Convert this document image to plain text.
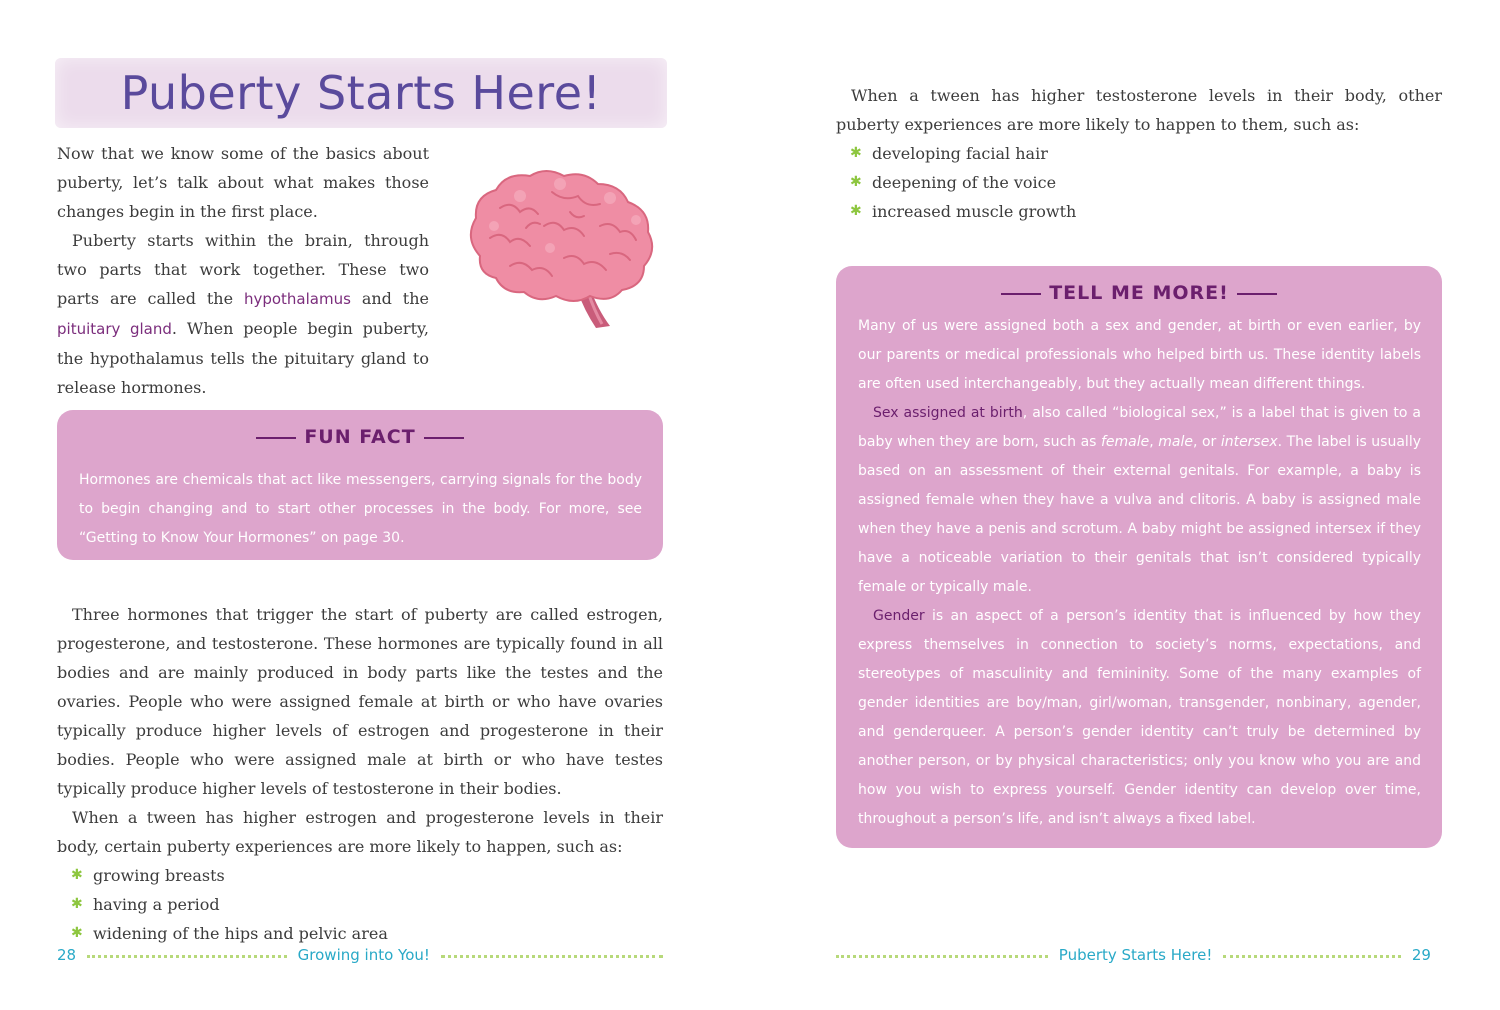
Puberty Starts Here!

Now that we know some of the basics about puberty, let’s talk about what makes those changes begin in the first place.

Puberty starts within the brain, through two parts that work together. These two parts are called the hypothalamus and the pituitary gland. When people begin puberty, the hypothalamus tells the pituitary gland to release hormones.

FUN FACT

Hormones are chemicals that act like messengers, carrying signals for the body to begin changing and to start other processes in the body. For more, see “Getting to Know Your Hormones” on page 30.

Three hormones that trigger the start of puberty are called estrogen, progesterone, and testosterone. These hormones are typically found in all bodies and are mainly produced in body parts like the testes and the ovaries. People who were assigned female at birth or who have ovaries typically produce higher levels of estrogen and progesterone in their bodies. People who were assigned male at birth or who have testes typically produce higher levels of testosterone in their bodies.

When a tween has higher estrogen and progesterone levels in their body, certain puberty experiences are more likely to happen, such as:

✱ growing breasts
✱ having a period
✱ widening of the hips and pelvic area
28	Growing into You!

When a tween has higher testosterone levels in their body, other puberty experiences are more likely to happen to them, such as:

✱ developing facial hair
✱ deepening of the voice
✱ increased muscle growth
TELL ME MORE!

Many of us were assigned both a sex and gender, at birth or even earlier, by our parents or medical professionals who helped birth us. These identity labels are often used interchangeably, but they actually mean different things.

Sex assigned at birth, also called “biological sex,” is a label that is given to a baby when they are born, such as female, male, or intersex. The label is usually based on an assessment of their external genitals. For example, a baby is assigned female when they have a vulva and clitoris. A baby is assigned male when they have a penis and scrotum. A baby might be assigned intersex if they have a noticeable variation to their genitals that isn’t considered typically female or typically male.

Gender is an aspect of a person’s identity that is influenced by how they express themselves in connection to society’s norms, expectations, and stereotypes of masculinity and femininity. Some of the many examples of gender identities are boy/man, girl/woman, transgender, nonbinary, agender, and genderqueer. A person’s gender identity can’t truly be determined by another person, or by physical characteristics; only you know who you are and how you wish to express yourself. Gender identity can develop over time, throughout a person’s life, and isn’t always a fixed label.

Puberty Starts Here!	29
